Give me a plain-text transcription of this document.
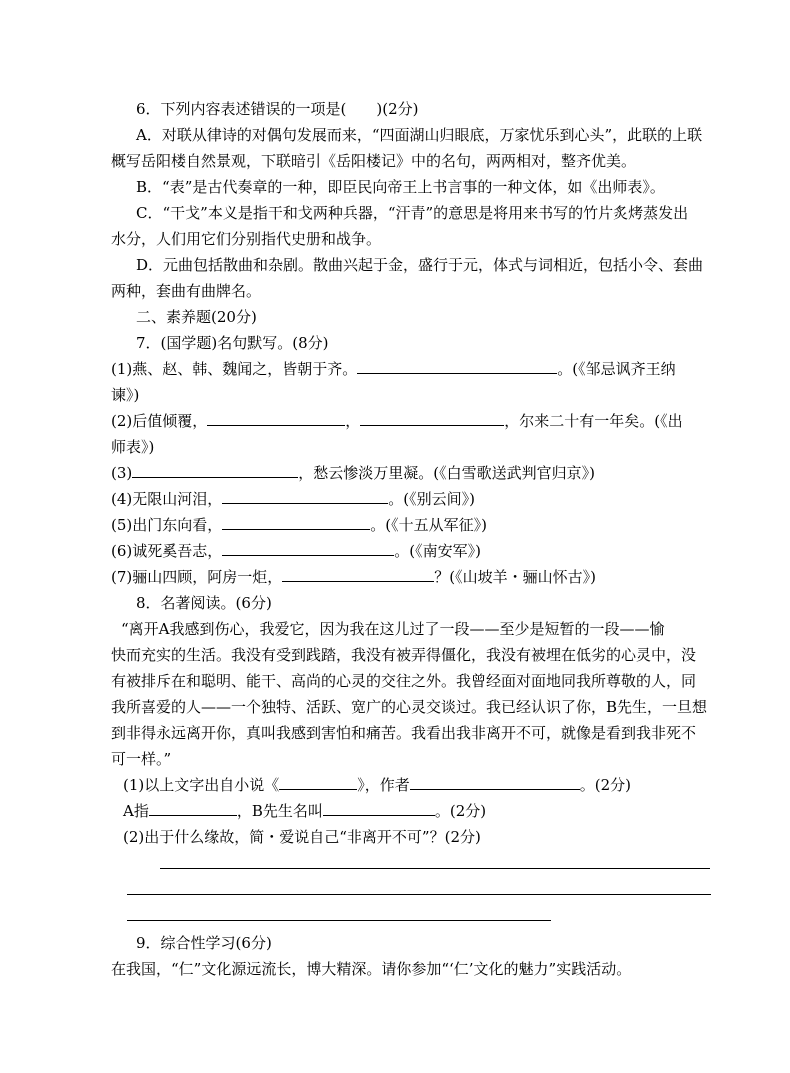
6．下列内容表述错误的一项是(　　)(2分)
A．对联从律诗的对偶句发展而来，“四面湖山归眼底，万家忧乐到心头”，此联的上联
概写岳阳楼自然景观，下联暗引《岳阳楼记》中的名句，两两相对，整齐优美。
B．“表”是古代奏章的一种，即臣民向帝王上书言事的一种文体，如《出师表》。
C．“干戈”本义是指干和戈两种兵器，“汗青”的意思是将用来书写的竹片炙烤蒸发出
水分，人们用它们分别指代史册和战争。
D．元曲包括散曲和杂剧。散曲兴起于金，盛行于元，体式与词相近，包括小令、套曲
两种，套曲有曲牌名。
二、素养题(20分)
7．(国学题)名句默写。(8分)
(1)燕、赵、韩、魏闻之，皆朝于齐。	。(《邹忌讽齐王纳
谏》)
(2)后值倾覆，	，	，尔来二十有一年矣。(《出
师表》)
(3)	，愁云惨淡万里凝。(《白雪歌送武判官归京》)
(4)无限山河泪，	。(《别云间》)
(5)出门东向看，	。(《十五从军征》)
(6)诚死奚吾志，	。(《南安军》)
(7)骊山四顾，阿房一炬，	？(《山坡羊・骊山怀古》)
8．名著阅读。(6分)
“离开A我感到伤心，我爱它，因为我在这儿过了一段——至少是短暂的一段——愉
快而充实的生活。我没有受到践踏，我没有被弄得僵化，我没有被埋在低劣的心灵中，没
有被排斥在和聪明、能干、高尚的心灵的交往之外。我曾经面对面地同我所尊敬的人，同
我所喜爱的人——一个独特、活跃、宽广的心灵交谈过。我已经认识了你，B先生，一旦想
到非得永远离开你，真叫我感到害怕和痛苦。我看出我非离开不可，就像是看到我非死不
可一样。”
(1)以上文字出自小说《	》，作者	。(2分)
A指	，B先生名叫	。(2分)
(2)出于什么缘故，简・爱说自己“非离开不可”？(2分)
9．综合性学习(6分)
在我国，“仁”文化源远流长，博大精深。请你参加“‘仁’文化的魅力”实践活动。
